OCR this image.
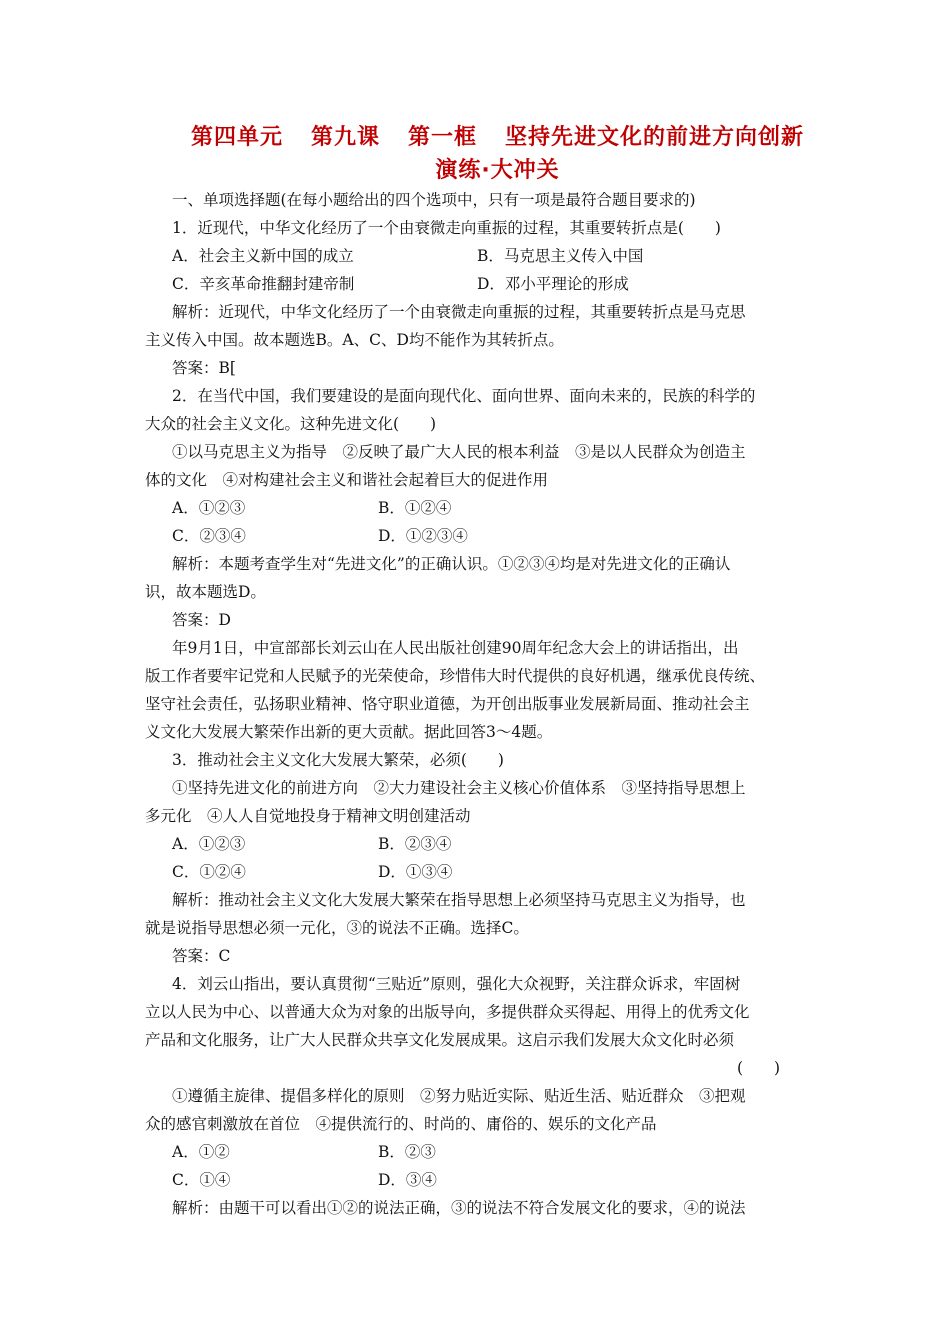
第四单元 第九课 第一框 坚持先进文化的前进方向创新
演练·大冲关
一、单项选择题(在每小题给出的四个选项中，只有一项是最符合题目要求的)
1．近现代，中华文化经历了一个由衰微走向重振的过程，其重要转折点是(　　)
A．社会主义新中国的成立	B．马克思主义传入中国
C．辛亥革命推翻封建帝制	D．邓小平理论的形成
解析：近现代，中华文化经历了一个由衰微走向重振的过程，其重要转折点是马克思
主义传入中国。故本题选B。A、C、D均不能作为其转折点。
答案：B[
2．在当代中国，我们要建设的是面向现代化、面向世界、面向未来的，民族的科学的
大众的社会主义文化。这种先进文化(　　)
①以马克思主义为指导　②反映了最广大人民的根本利益　③是以人民群众为创造主
体的文化　④对构建社会主义和谐社会起着巨大的促进作用
A．①②③	B．①②④
C．②③④	D．①②③④
解析：本题考查学生对“先进文化”的正确认识。①②③④均是对先进文化的正确认
识，故本题选D。
答案：D
年9月1日，中宣部部长刘云山在人民出版社创建90周年纪念大会上的讲话指出，出
版工作者要牢记党和人民赋予的光荣使命，珍惜伟大时代提供的良好机遇，继承优良传统、
坚守社会责任，弘扬职业精神、恪守职业道德，为开创出版事业发展新局面、推动社会主
义文化大发展大繁荣作出新的更大贡献。据此回答3～4题。
3．推动社会主义文化大发展大繁荣，必须(　　)
①坚持先进文化的前进方向　②大力建设社会主义核心价值体系　③坚持指导思想上
多元化　④人人自觉地投身于精神文明创建活动
A．①②③	B．②③④
C．①②④	D．①③④
解析：推动社会主义文化大发展大繁荣在指导思想上必须坚持马克思主义为指导，也
就是说指导思想必须一元化，③的说法不正确。选择C。
答案：C
4．刘云山指出，要认真贯彻“三贴近”原则，强化大众视野，关注群众诉求，牢固树
立以人民为中心、以普通大众为对象的出版导向，多提供群众买得起、用得上的优秀文化
产品和文化服务，让广大人民群众共享文化发展成果。这启示我们发展大众文化时必须
(　　)
①遵循主旋律、提倡多样化的原则　②努力贴近实际、贴近生活、贴近群众　③把观
众的感官刺激放在首位　④提供流行的、时尚的、庸俗的、娱乐的文化产品
A．①②	B．②③
C．①④	D．③④
解析：由题干可以看出①②的说法正确，③的说法不符合发展文化的要求，④的说法
